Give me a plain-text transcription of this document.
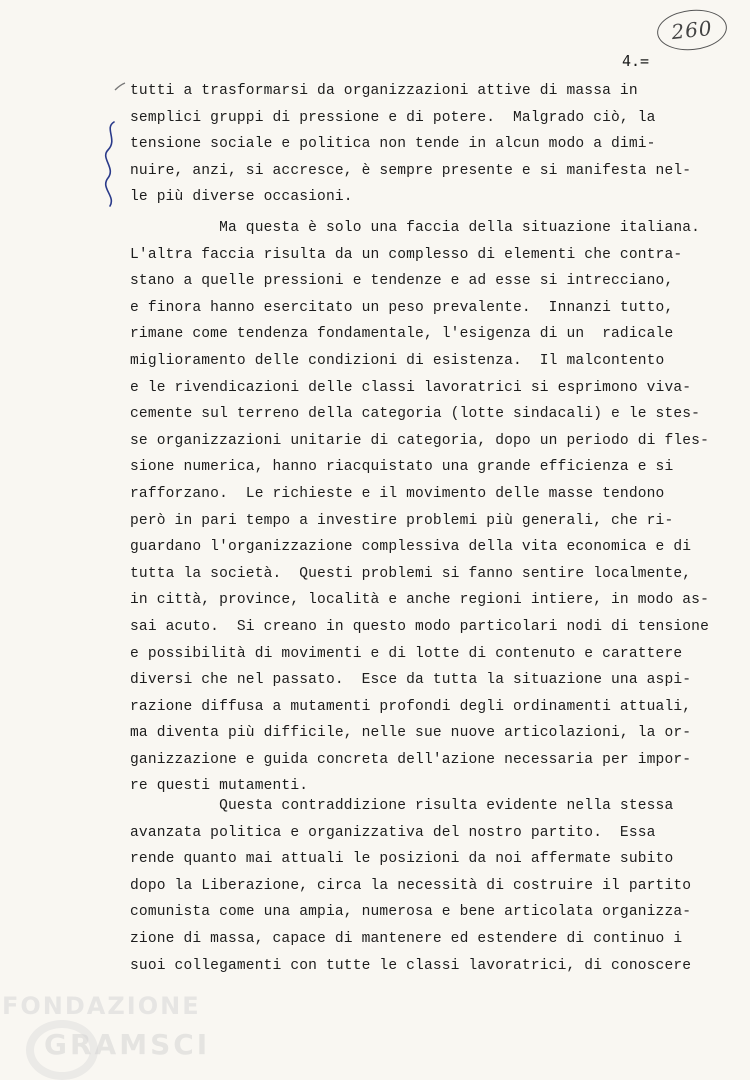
260
4.=
tutti a trasformarsi da organizzazioni attive di massa in
semplici gruppi di pressione e di potere.  Malgrado ciò, la
tensione sociale e politica non tende in alcun modo a dimi-
nuire, anzi, si accresce, è sempre presente e si manifesta nel-
le più diverse occasioni.
Ma questa è solo una faccia della situazione italiana.
L'altra faccia risulta da un complesso di elementi che contra-
stano a quelle pressioni e tendenze e ad esse si intrecciano,
e finora hanno esercitato un peso prevalente.  Innanzi tutto,
rimane come tendenza fondamentale, l'esigenza di un  radicale
miglioramento delle condizioni di esistenza.  Il malcontento
e le rivendicazioni delle classi lavoratrici si esprimono viva-
cemente sul terreno della categoria (lotte sindacali) e le stes-
se organizzazioni unitarie di categoria, dopo un periodo di fles-
sione numerica, hanno riacquistato una grande efficienza e si
rafforzano.  Le richieste e il movimento delle masse tendono
però in pari tempo a investire problemi più generali, che ri-
guardano l'organizzazione complessiva della vita economica e di
tutta la società.  Questi problemi si fanno sentire localmente,
in città, province, località e anche regioni intiere, in modo as-
sai acuto.  Si creano in questo modo particolari nodi di tensione
e possibilità di movimenti e di lotte di contenuto e carattere
diversi che nel passato.  Esce da tutta la situazione una aspi-
razione diffusa a mutamenti profondi degli ordinamenti attuali,
ma diventa più difficile, nelle sue nuove articolazioni, la or-
ganizzazione e guida concreta dell'azione necessaria per impor-
re questi mutamenti.
Questa contraddizione risulta evidente nella stessa
avanzata politica e organizzativa del nostro partito.  Essa
rende quanto mai attuali le posizioni da noi affermate subito
dopo la Liberazione, circa la necessità di costruire il partito
comunista come una ampia, numerosa e bene articolata organizza-
zione di massa, capace di mantenere ed estendere di continuo i
suoi collegamenti con tutte le classi lavoratrici, di conoscere
FONDAZIONE
GRAMSCI
